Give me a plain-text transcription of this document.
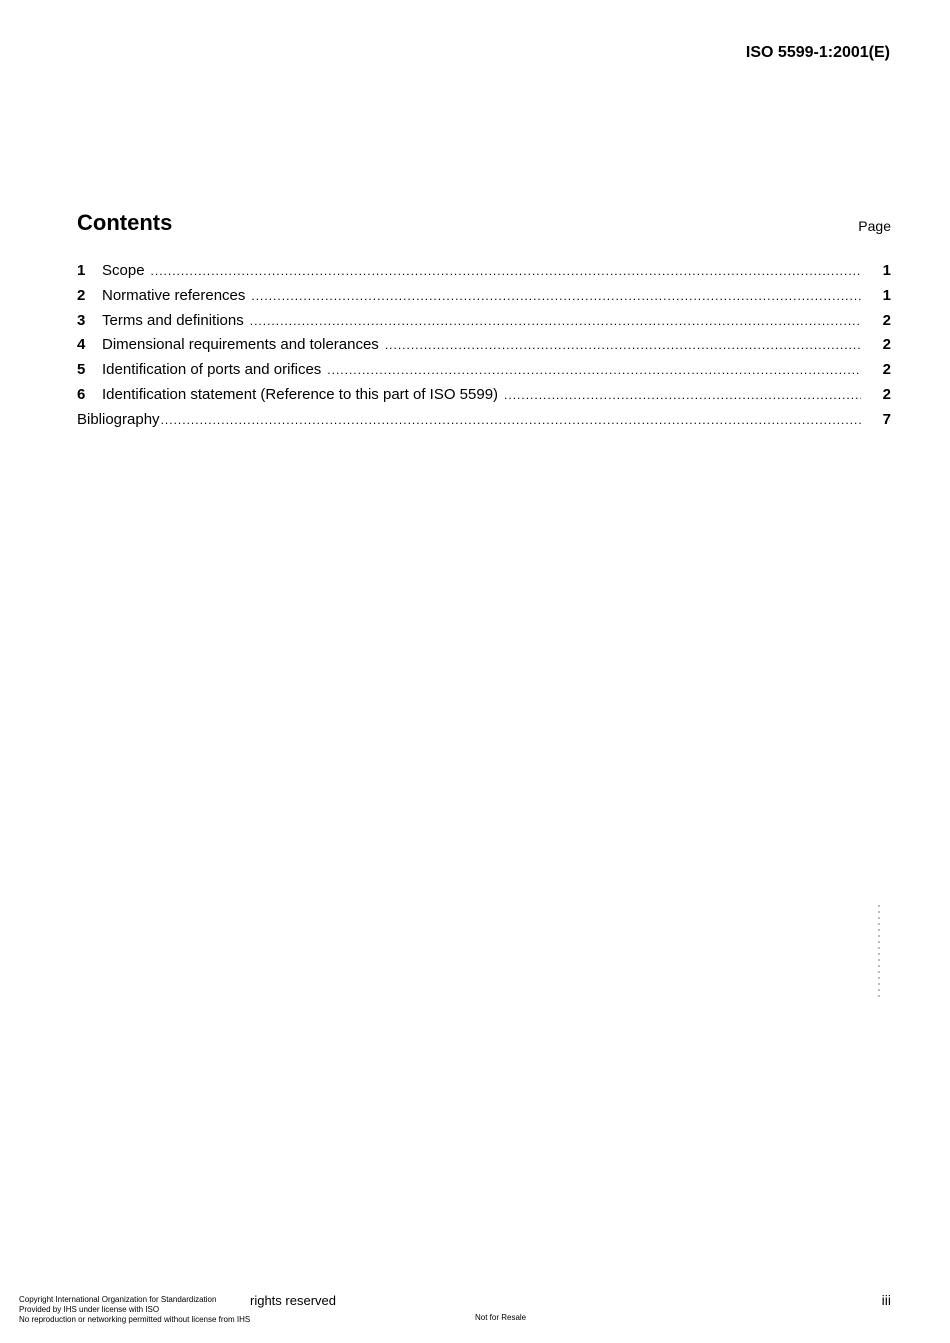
ISO 5599-1:2001(E)
Contents	Page
1	Scope .....	1
2	Normative references .....	1
3	Terms and definitions .....	2
4	Dimensional requirements and tolerances .....	2
5	Identification of ports and orifices .....	2
6	Identification statement (Reference to this part of ISO 5599) .....	2
Bibliography .....	7
Copyright International Organization for Standardization
Provided by IHS under license with ISO
No reproduction or networking permitted without license from IHS
rights reserved
Not for Resale
iii
